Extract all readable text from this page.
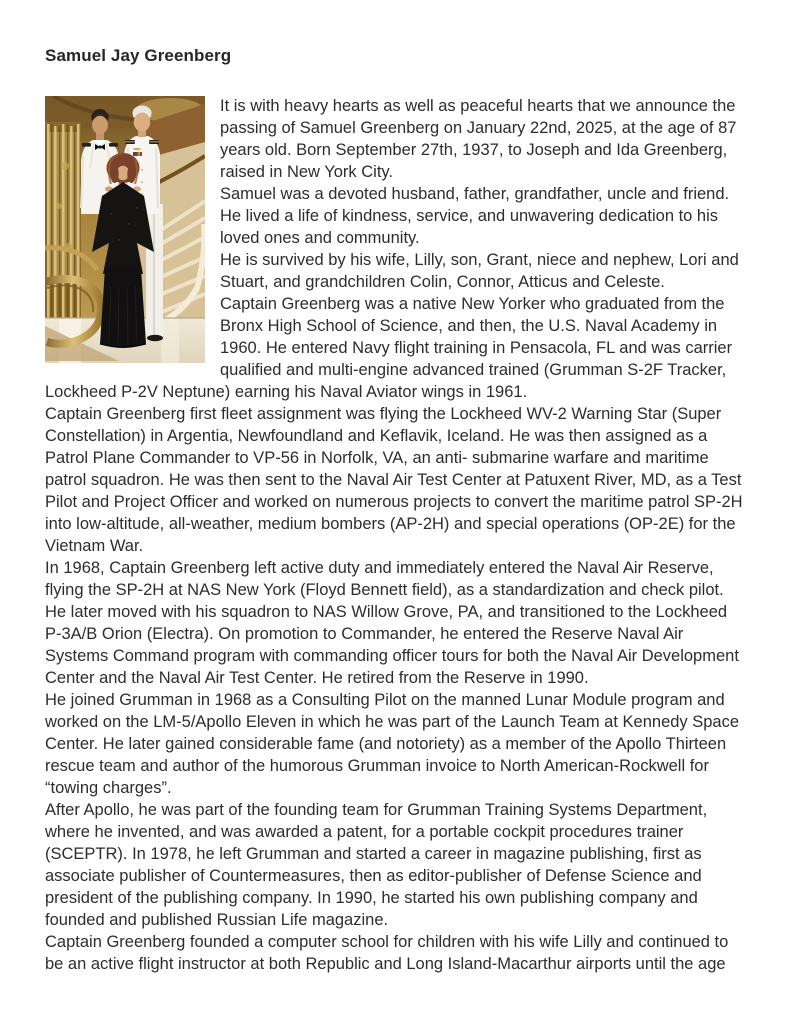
Samuel Jay Greenberg

It is with heavy hearts as well as peaceful hearts that we announce the passing of Samuel Greenberg on January 22nd, 2025, at the age of 87 years old. Born September 27th, 1937, to Joseph and Ida Greenberg, raised in New York City.

Samuel was a devoted husband, father, grandfather, uncle and friend. He lived a life of kindness, service, and unwavering dedication to his loved ones and community.

He is survived by his wife, Lilly, son, Grant, niece and nephew, Lori and Stuart, and grandchildren Colin, Connor, Atticus and Celeste.

Captain Greenberg was a native New Yorker who graduated from the Bronx High School of Science, and then, the U.S. Naval Academy in 1960. He entered Navy flight training in Pensacola, FL and was carrier qualified and multi-engine advanced trained (Grumman S-2F Tracker, Lockheed P-2V Neptune) earning his Naval Aviator wings in 1961.

Captain Greenberg first fleet assignment was flying the Lockheed WV-2 Warning Star (Super Constellation) in Argentia, Newfoundland and Keflavik, Iceland. He was then assigned as a Patrol Plane Commander to VP-56 in Norfolk, VA, an anti- submarine warfare and maritime patrol squadron. He was then sent to the Naval Air Test Center at Patuxent River, MD, as a Test Pilot and Project Officer and worked on numerous projects to convert the maritime patrol SP-2H into low-altitude, all-weather, medium bombers (AP-2H) and special operations (OP-2E) for the Vietnam War.

In 1968, Captain Greenberg left active duty and immediately entered the Naval Air Reserve, flying the SP-2H at NAS New York (Floyd Bennett field), as a standardization and check pilot. He later moved with his squadron to NAS Willow Grove, PA, and transitioned to the Lockheed P-3A/B Orion (Electra). On promotion to Commander, he entered the Reserve Naval Air Systems Command program with commanding officer tours for both the Naval Air Development Center and the Naval Air Test Center. He retired from the Reserve in 1990.

He joined Grumman in 1968 as a Consulting Pilot on the manned Lunar Module program and worked on the LM-5/Apollo Eleven in which he was part of the Launch Team at Kennedy Space Center. He later gained considerable fame (and notoriety) as a member of the Apollo Thirteen rescue team and author of the humorous Grumman invoice to North American-Rockwell for “towing charges”.

After Apollo, he was part of the founding team for Grumman Training Systems Department, where he invented, and was awarded a patent, for a portable cockpit procedures trainer (SCEPTR). In 1978, he left Grumman and started a career in magazine publishing, first as associate publisher of Countermeasures, then as editor-publisher of Defense Science and president of the publishing company. In 1990, he started his own publishing company and founded and published Russian Life magazine.

Captain Greenberg founded a computer school for children with his wife Lilly and continued to be an active flight instructor at both Republic and Long Island-Macarthur airports until the age
